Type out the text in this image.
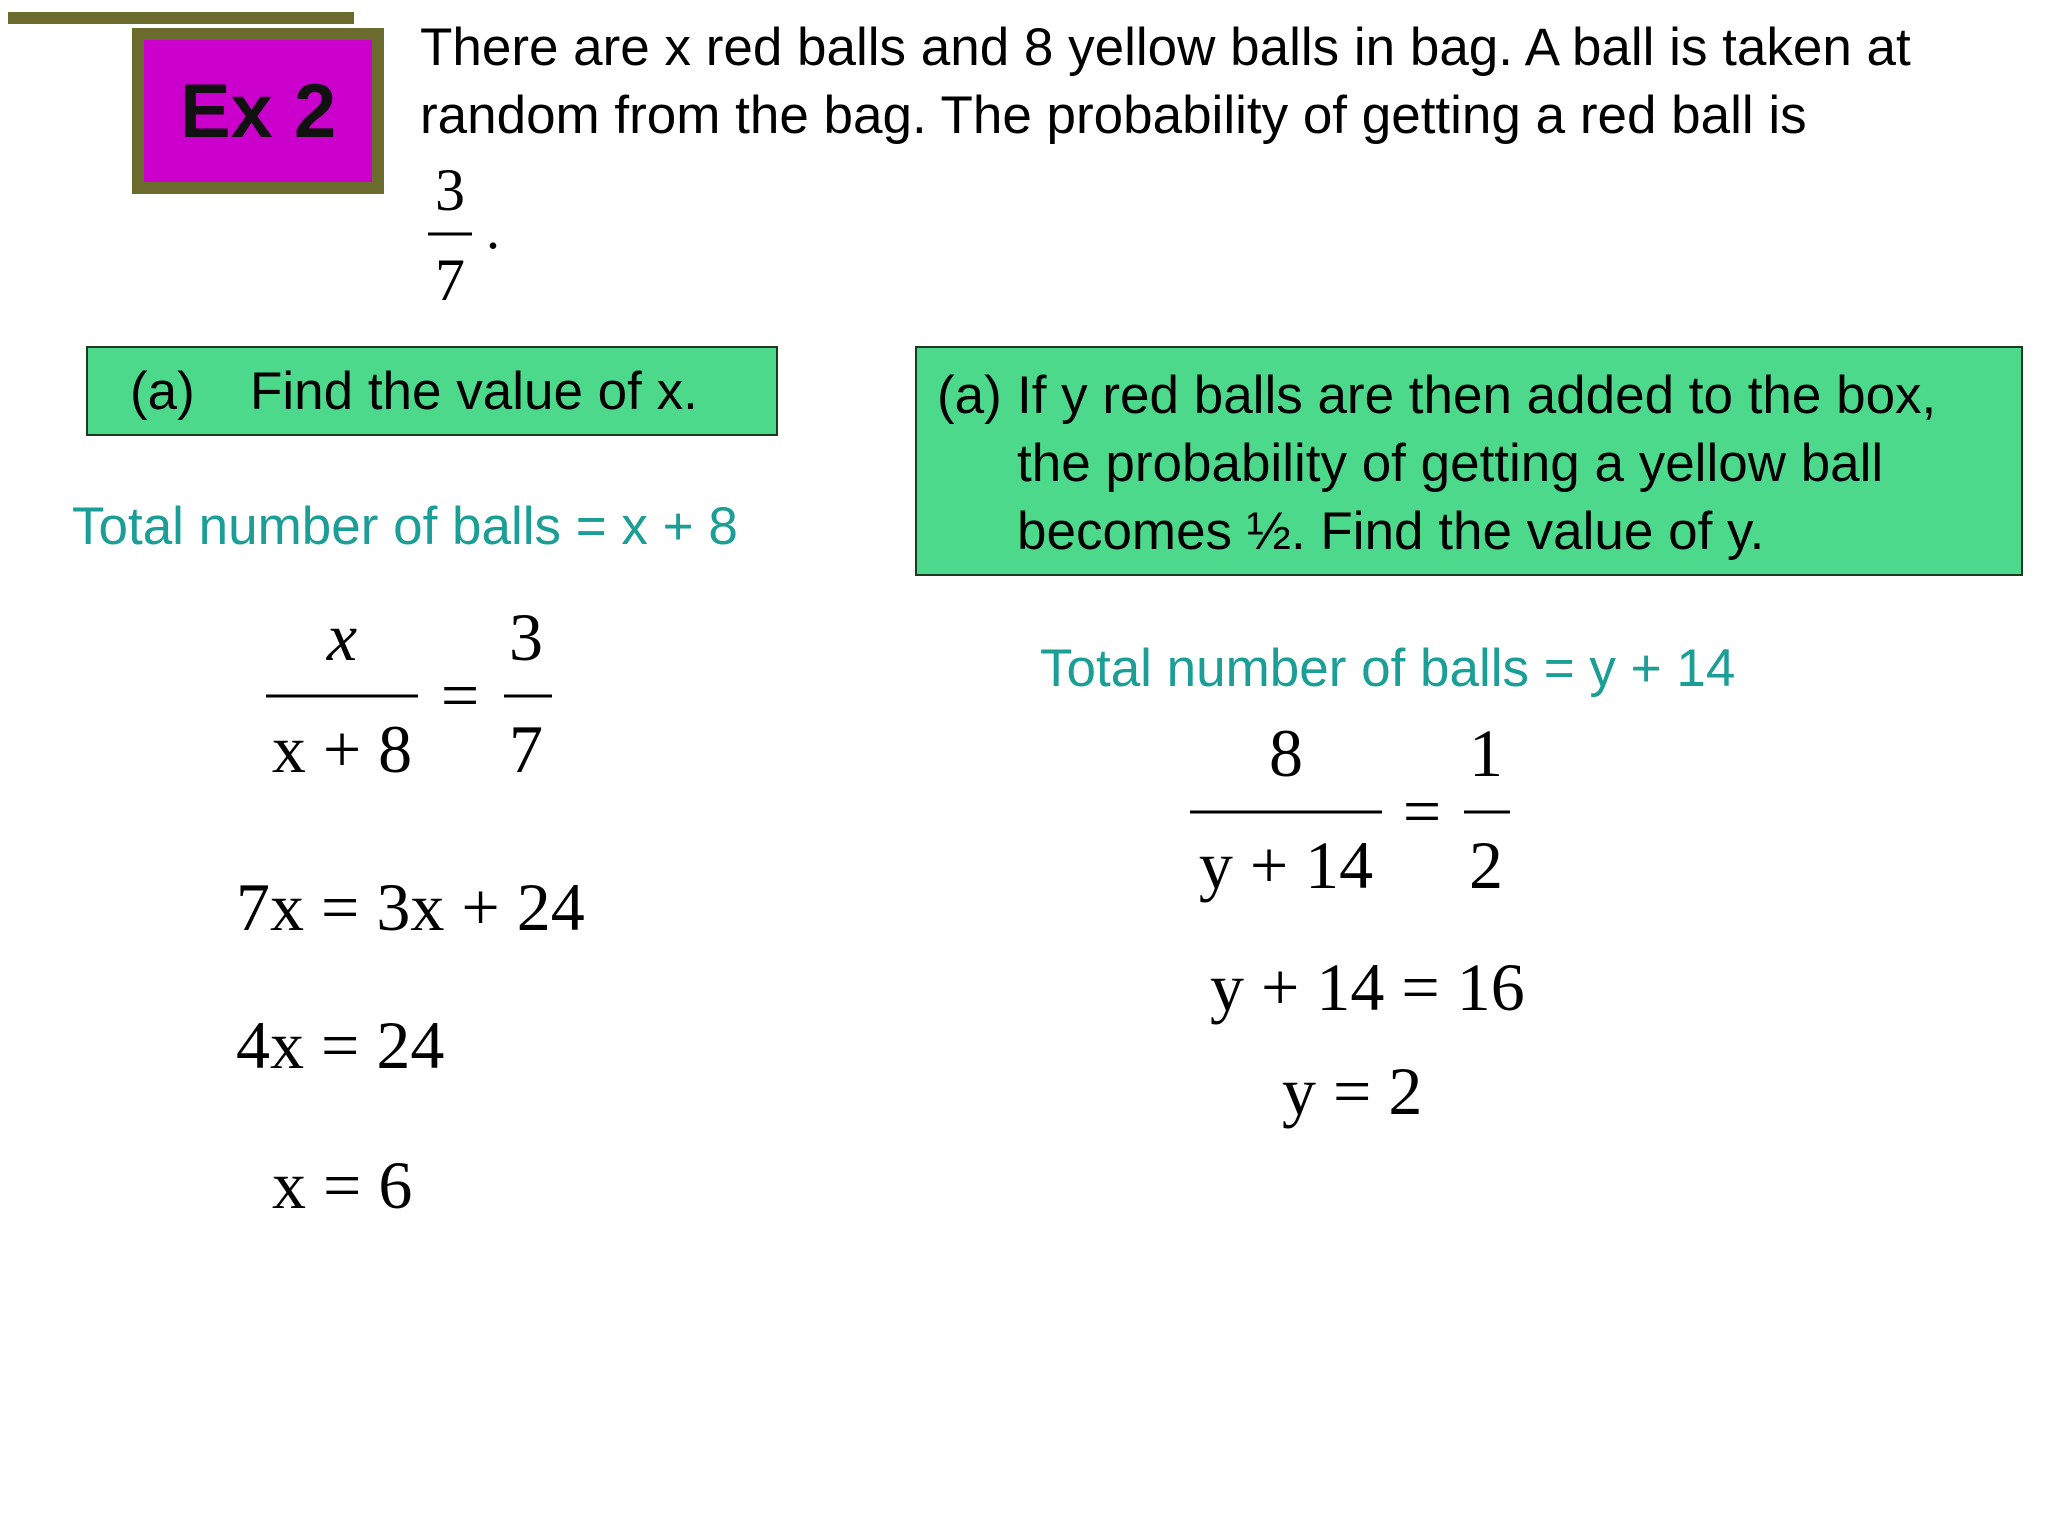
Ex 2

There are x red balls and 8 yellow balls in bag. A ball is taken at random from the bag. The probability of getting a red ball is

3
7
.
(a)	Find the value of x.	(a) If y red balls are then added to the box, the probability of getting a yellow ball becomes ½. Find the value of y.
Total number of balls = x + 8
x
x + 8
=
3
7
7x = 3x + 24
4x = 24
x = 6
Total number of balls = y + 14
8
y + 14
=
1
2
y + 14 = 16
y = 2
